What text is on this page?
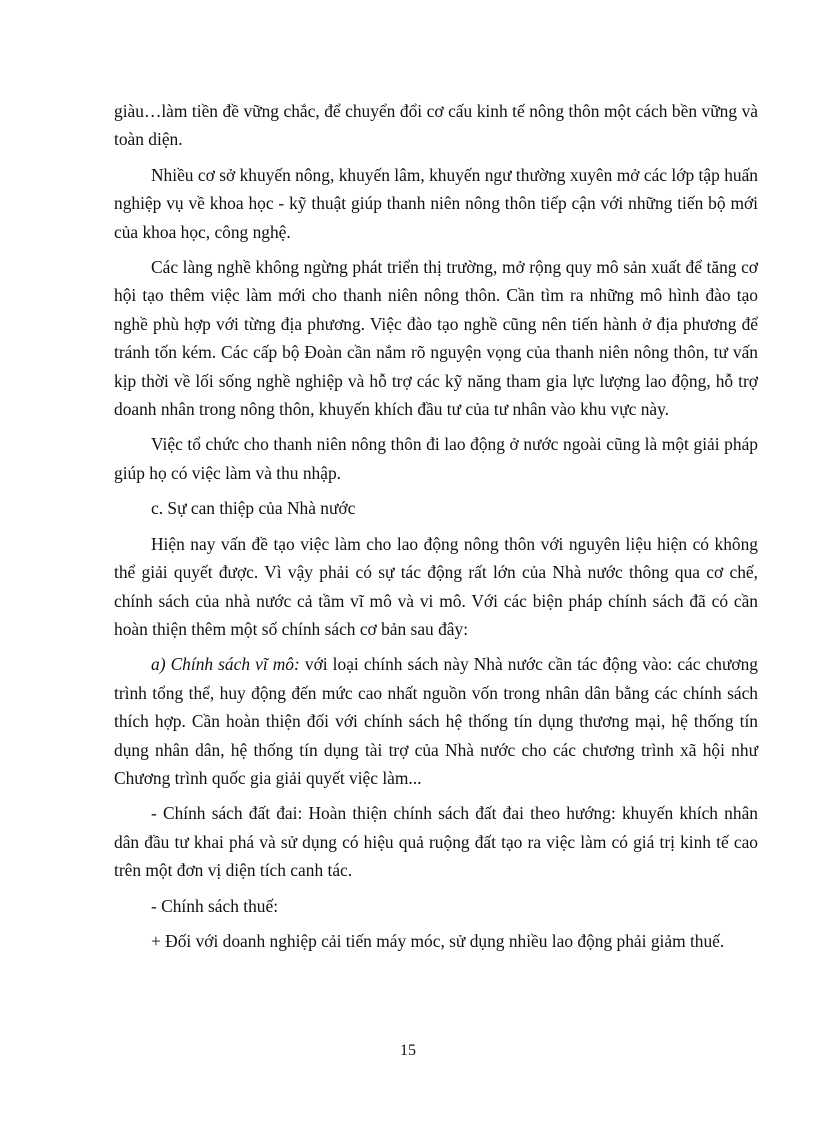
giàu…làm tiền đề vững chắc, để chuyển đổi cơ cấu kinh tế nông thôn một cách bền vững và toàn diện.

Nhiều cơ sở khuyến nông, khuyến lâm, khuyến ngư thường xuyên mở các lớp tập huấn nghiệp vụ về khoa học - kỹ thuật giúp thanh niên nông thôn tiếp cận với những tiến bộ mới của khoa học, công nghệ.

Các làng nghề không ngừng phát triển thị trường, mở rộng quy mô sản xuất để tăng cơ hội tạo thêm việc làm mới cho thanh niên nông thôn. Cần tìm ra những mô hình đào tạo nghề phù hợp với từng địa phương. Việc đào tạo nghề cũng nên tiến hành ở địa phương để tránh tốn kém. Các cấp bộ Đoàn cần nắm rõ nguyện vọng của thanh niên nông thôn, tư vấn kịp thời về lối sống nghề nghiệp và hỗ trợ các kỹ năng tham gia lực lượng lao động, hỗ trợ doanh nhân trong nông thôn, khuyến khích đầu tư của tư nhân vào khu vực này.

Việc tổ chức cho thanh niên nông thôn đi lao động ở nước ngoài cũng là một giải pháp giúp họ có việc làm và thu nhập.

c. Sự can thiệp của Nhà nước

Hiện nay vấn đề tạo việc làm cho lao động nông thôn với nguyên liệu hiện có không thể giải quyết được. Vì vậy phải có sự tác động rất lớn của Nhà nước thông qua cơ chế, chính sách của nhà nước cả tầm vĩ mô và vi mô. Với các biện pháp chính sách đã có cần hoàn thiện thêm một số chính sách cơ bản sau đây:

a) Chính sách vĩ mô: với loại chính sách này Nhà nước cần tác động vào: các chương trình tổng thể, huy động đến mức cao nhất nguồn vốn trong nhân dân bằng các chính sách thích hợp. Cần hoàn thiện đối với chính sách hệ thống tín dụng thương mại, hệ thống tín dụng nhân dân, hệ thống tín dụng tài trợ của Nhà nước cho các chương trình xã hội như Chương trình quốc gia giải quyết việc làm...

- Chính sách đất đai: Hoàn thiện chính sách đất đai theo hướng: khuyến khích nhân dân đầu tư khai phá và sử dụng có hiệu quả ruộng đất tạo ra việc làm có giá trị kinh tế cao trên một đơn vị diện tích canh tác.

- Chính sách thuế:

+ Đối với doanh nghiệp cải tiến máy móc, sử dụng nhiều lao động phải giảm thuế.

15
